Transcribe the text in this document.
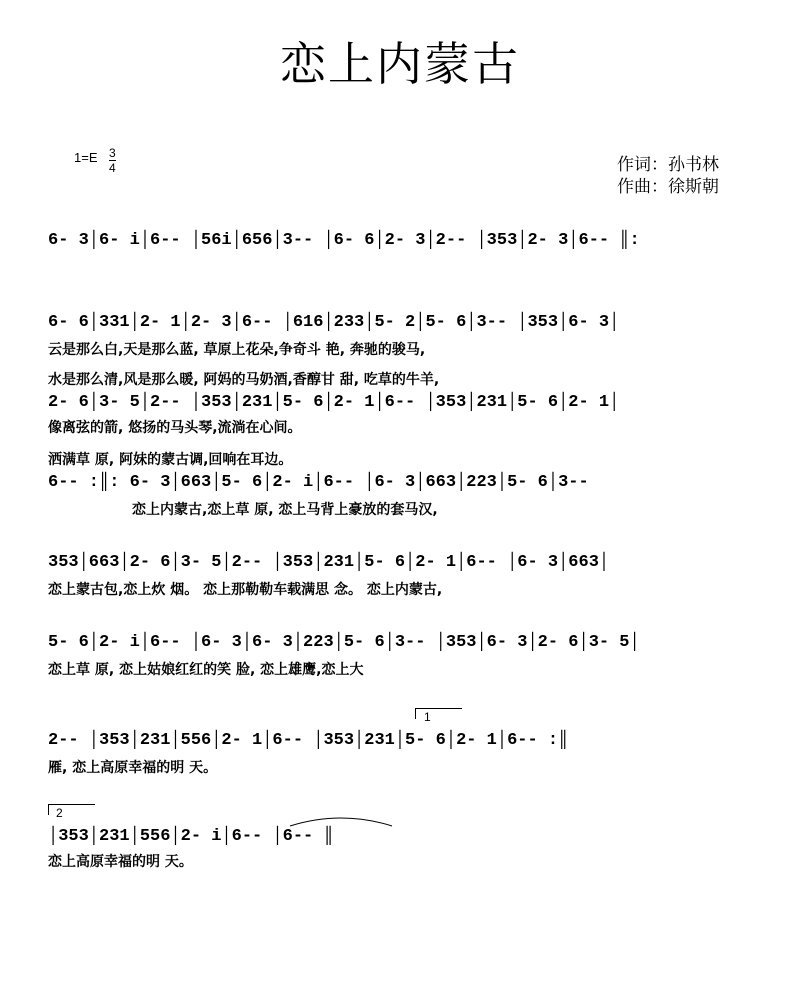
恋上内蒙古
$1=E \frac{3}{4}$	作词：孙书林
作曲：徐斯朝
6- 3│6- i│6-- │56i│656│3-- │6- 6│2- 3│2-- │353│2- 3│6-- ║:
6- 6│331│2- 1│2- 3│6-- │616│233│5- 2│5- 6│3-- │353│6- 3│
云是那么白,天是那么蓝, 草原上花朵,争奇斗 艳, 奔驰的骏马,
水是那么清,风是那么暖, 阿妈的马奶酒,香醇甘 甜, 吃草的牛羊,
2- 6│3- 5│2-- │353│231│5- 6│2- 1│6-- │353│231│5- 6│2- 1│
像离弦的箭, 悠扬的马头琴,流淌在心间。
洒满草 原, 阿妹的蒙古调,回响在耳边。
6-- :║: 6- 3│663│5- 6│2- i│6-- │6- 3│663│223│5- 6│3--
恋上内蒙古,恋上草 原, 恋上马背上豪放的套马汉,
353│663│2- 6│3- 5│2-- │353│231│5- 6│2- 1│6-- │6- 3│663│
恋上蒙古包,恋上炊 烟。 恋上那勒勒车载满思 念。 恋上内蒙古,
5- 6│2- i│6-- │6- 3│6- 3│223│5- 6│3-- │353│6- 3│2- 6│3- 5│
恋上草 原, 恋上姑娘红红的笑 脸, 恋上雄鹰,恋上大
1
2-- │353│231│556│2- 1│6-- │353│231│5- 6│2- 1│6-- :║
雁, 恋上高原幸福的明 天。
2
│353│231│556│2- i│6-- │6-- ║
恋上高原幸福的明 天。
